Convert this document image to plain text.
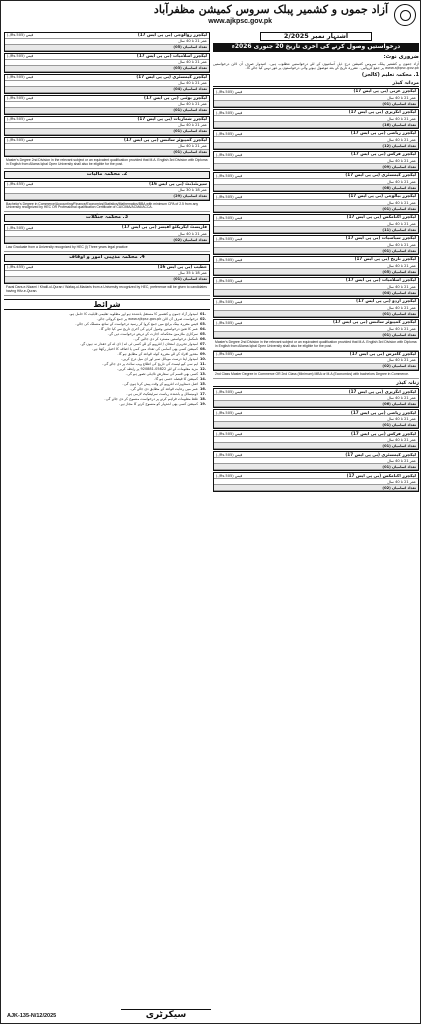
آزاد جموں و کشمیر پبلک سروس کمیشن مظفرآباد
www.ajkpsc.gov.pk
اشتہار نمبر 2/2025
درخواستیں وصول کرنے کی آخری تاریخ 20 جنوری 2026ء
ضروری نوٹ:
آزاد جموں و کشمیر پبلک سروس کمیشن درج ذیل آسامیوں کے لئے درخواستیں مطلوب ہیں۔ امیدوار صرف آن لائن درخواستیں www.ajkpsc.gov.pk پر جمع کروائیں۔ مقررہ تاریخ کے بعد موصول ہونے والی درخواستوں پر غور نہیں کیا جائے گا۔
1. محکمہ تعلیم (کالجز)
مردانہ کیڈر
لیکچرر عربی (بی پی ایس 17)
فیس (Rs.505/-)
عمر 21 تا 40 سال
تعداد اسامیاں (01)
لیکچرر انگریزی (بی پی ایس 17)
فیس (Rs.505/-)
عمر 21 تا 40 سال
تعداد اسامیاں (16)
لیکچرر ریاضی (بی پی ایس 17)
فیس (Rs.505/-)
عمر 21 تا 40 سال
تعداد اسامیاں (12)
لیکچرر فزکس (بی پی ایس 17)
فیس (Rs.505/-)
عمر 21 تا 40 سال
تعداد اسامیاں (09)
لیکچرر کیمسٹری (بی پی ایس 17)
فیس (Rs.505/-)
عمر 21 تا 40 سال
تعداد اسامیاں (08)
لیکچرر بیالوجی (بی پی ایس 17)
فیس (Rs.505/-)
عمر 21 تا 40 سال
تعداد اسامیاں (01)
لیکچرر اکنامکس (بی پی ایس 17)
فیس (Rs.505/-)
عمر 21 تا 40 سال
تعداد اسامیاں (11)
لیکچرر سیاسیات (بی پی ایس 17)
فیس (Rs.505/-)
عمر 21 تا 40 سال
تعداد اسامیاں (01)
لیکچرر تاریخ (بی پی ایس 17)
فیس (Rs.505/-)
عمر 21 تا 40 سال
تعداد اسامیاں (05)
لیکچرر اسلامیات (بی پی ایس 17)
فیس (Rs.505/-)
عمر 21 تا 40 سال
تعداد اسامیاں (04)
لیکچرر اردو (بی پی ایس 17)
فیس (Rs.505/-)
عمر 21 تا 40 سال
تعداد اسامیاں (01)
لیکچرر کمپیوٹر سائنس (بی پی ایس 17)
فیس (Rs.505/-)
عمر 21 تا 40 سال
تعداد اسامیاں (01)
Master's Degree 2nd Division in the relevant subject or an equivalent qualification provided that M.A. English 3rd Division with Diploma in English from Allama Iqbal Open University shall also be eligible for the post.
لیکچرر کامرس (بی پی ایس 17)
فیس (Rs.505/-)
عمر 21 تا 40 سال
تعداد اسامیاں (02)
2nd Class Master Degree in Commerce OR 2nd Class (Minimum) MBA or M.A (Economics) with bachelors Degree in Commerce.
زنانہ کیڈر
لیکچرر انگریزی (بی پی ایس 17)
فیس (Rs.505/-)
عمر 21 تا 40 سال
تعداد اسامیاں (06)
لیکچرر ریاضی (بی پی ایس 17)
فیس (Rs.505/-)
عمر 21 تا 40 سال
تعداد اسامیاں (01)
لیکچرر فزکس (بی پی ایس 17)
فیس (Rs.505/-)
عمر 21 تا 40 سال
تعداد اسامیاں (01)
لیکچرر کیمسٹری (بی پی ایس 17)
فیس (Rs.505/-)
عمر 21 تا 40 سال
تعداد اسامیاں (01)
لیکچرر اکنامکس (بی پی ایس 17)
فیس (Rs.505/-)
عمر 21 تا 40 سال
تعداد اسامیاں (02)
لیکچرر زوالوجی (بی پی ایس 17)
فیس (Rs.505/-)
عمر 21 تا 40 سال
تعداد اسامیاں (05)
لیکچرر اسلامیات (بی پی ایس 17)
فیس (Rs.505/-)
عمر 21 تا 40 سال
تعداد اسامیاں (03)
لیکچرر کیمسٹری (بی پی ایس 17)
فیس (Rs.505/-)
عمر 21 تا 40 سال
تعداد اسامیاں (04)
لیکچرر بوٹنی (بی پی ایس 17)
فیس (Rs.505/-)
عمر 21 تا 40 سال
تعداد اسامیاں (01)
لیکچرر شماریات (بی پی ایس 17)
فیس (Rs.505/-)
عمر 21 تا 40 سال
تعداد اسامیاں (01)
لیکچرر کمپیوٹر سائنس (بی پی ایس 17)
فیس (Rs.505/-)
عمر 21 تا 40 سال
تعداد اسامیاں (01)
Master's Degree 2nd Division in the relevant subject or an equivalent qualification provided that M.A. English 3rd Division with Diploma in English from Allama Iqbal Open University shall also be eligible for the post.
2. محکمہ مالیات
سپرنٹنڈنٹ (بی پی ایس 16)
فیس (Rs.455/-)
عمر 18 تا 30 سال
تعداد اسامیاں (29)
Bachelor's Degree in Commerce/Accounting/Finance/Economics/Statistics/Mathematics/BBA with minimum CPA of 2.5 from any University recognized by HEC OR Professional qualification Certificate of CA/CIMA/ACMA/ACCA.
3. محکمہ جنگلات
فاریسٹ ایگزیکٹو آفیسر (بی پی ایس 17)
فیس (Rs.505/-)
عمر 21 تا 40 سال
تعداد اسامیاں (02)
Law Graduate from a University recognized by HEC (i) Three years legal practice
4. محکمہ مذہبی امور و اوقاف
خطیب (بی پی ایس 16)
فیس (Rs.455/-)
عمر 18 تا 35 سال
تعداد اسامیاں (01)
Fazal Dars-e-Nizami / Khalil-ul-Quran / Wafaq-ul-Madaris from a University recognized by HEC, preference will be given to candidates having Hifz-e-Quran.
شرائط
01.
امیدوار آزاد جموں و کشمیر کا مستقل باشندہ ہو اور مطلوبہ تعلیمی قابلیت کا حامل ہو۔
02.
درخواست صرف آن لائن www.ajkpsc.gov.pk پر جمع کروائی جائے۔
03.
فیس مقررہ بینک برانچ میں جمع کروا کر رسید درخواست کے ساتھ منسلک کی جائے۔
04.
عمر کا تعین درخواستیں وصول کرنے کی آخری تاریخ سے کیا جائے گا۔
05.
سرکاری ملازمین محکمانہ اجازت کے ذریعے درخواست دیں گے۔
06.
نامکمل درخواستیں مسترد کر دی جائیں گی۔
07.
امیدوار تحریری امتحان / انٹرویو کے لئے کسی ٹی اے / ڈی اے کے حقدار نہ ہوں گے۔
08.
کمیشن کسی بھی آسامی کی تعداد میں کمی یا اضافہ کا اختیار رکھتا ہے۔
09.
معذور افراد کے لئے مقررہ کوٹہ قواعد کے مطابق ہو گا۔
10.
امیدوار اپنا درست موبائل نمبر اور ای میل درج کریں۔
11.
ایم سی کیو ٹیسٹ کی تاریخ کی اطلاع ویب سائٹ پر دی جائے گی۔
12.
مزید معلومات کے لئے 05822-920881 پر رابطہ کریں۔
13.
کسی بھی قسم کی سفارش نااہلی تصور ہو گی۔
14.
کمیشن کا فیصلہ حتمی ہو گا۔
15.
اصل دستاویزات انٹرویو کے وقت پیش کرنا ہوں گی۔
16.
عمر میں رعایت قواعد کے مطابق دی جائے گی۔
17.
ڈومیسائل و باشندہ ریاست سرٹیفکیٹ لازمی ہے۔
18.
غلط معلومات فراہم کرنے پر درخواست منسوخ کر دی جائے گی۔
19.
کمیشن کسی بھی اشتہار کو منسوخ کرنے کا مجاز ہے۔
AJK-135-N/12/2025	سیکرٹری
